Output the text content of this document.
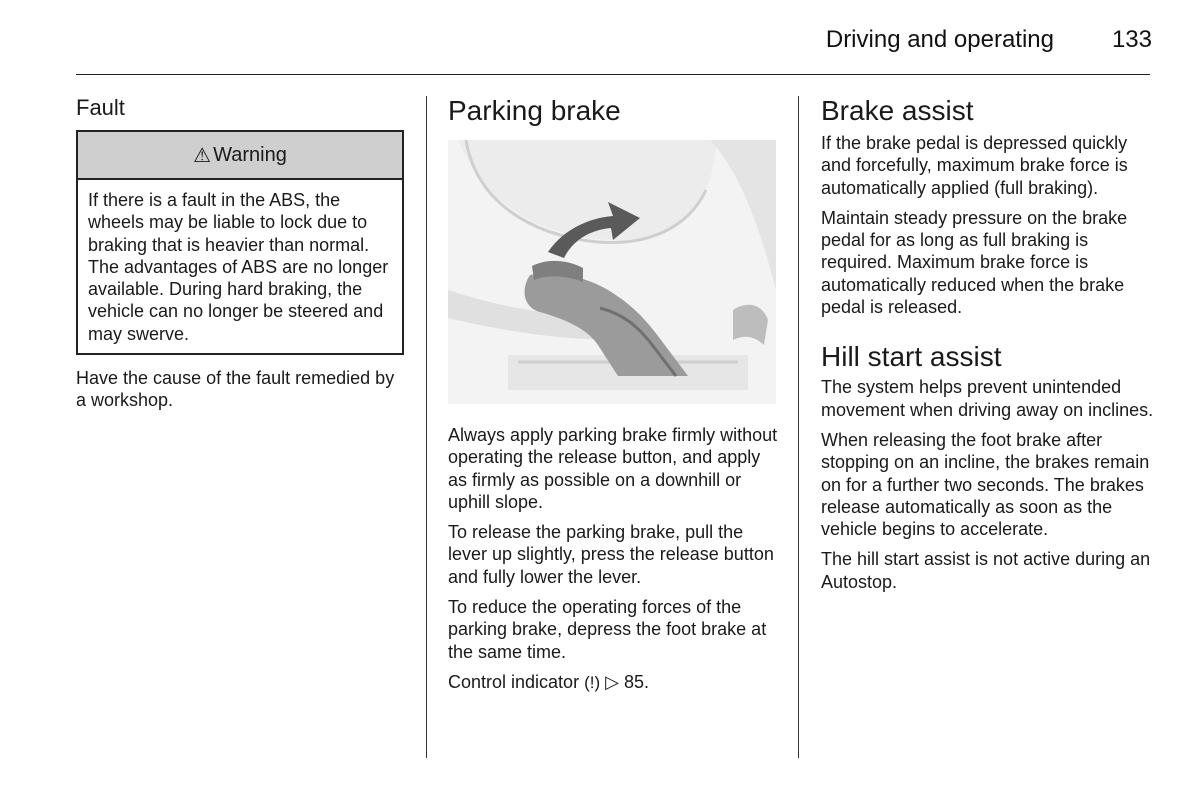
Driving and operating 133
Fault
⚠ Warning

If there is a fault in the ABS, the wheels may be liable to lock due to braking that is heavier than normal. The advantages of ABS are no longer available. During hard braking, the vehicle can no longer be steered and may swerve.

Have the cause of the fault remedied by a workshop.

Parking brake

Always apply parking brake firmly without operating the release button, and apply as firmly as possible on a downhill or uphill slope.

To release the parking brake, pull the lever up slightly, press the release button and fully lower the lever.

To reduce the operating forces of the parking brake, depress the foot brake at the same time.

Control indicator (!) ▷ 85.

Brake assist

If the brake pedal is depressed quickly and forcefully, maximum brake force is automatically applied (full braking).

Maintain steady pressure on the brake pedal for as long as full braking is required. Maximum brake force is automatically reduced when the brake pedal is released.

Hill start assist

The system helps prevent unintended movement when driving away on inclines.

When releasing the foot brake after stopping on an incline, the brakes remain on for a further two seconds. The brakes release automatically as soon as the vehicle begins to accelerate.

The hill start assist is not active during an Autostop.
